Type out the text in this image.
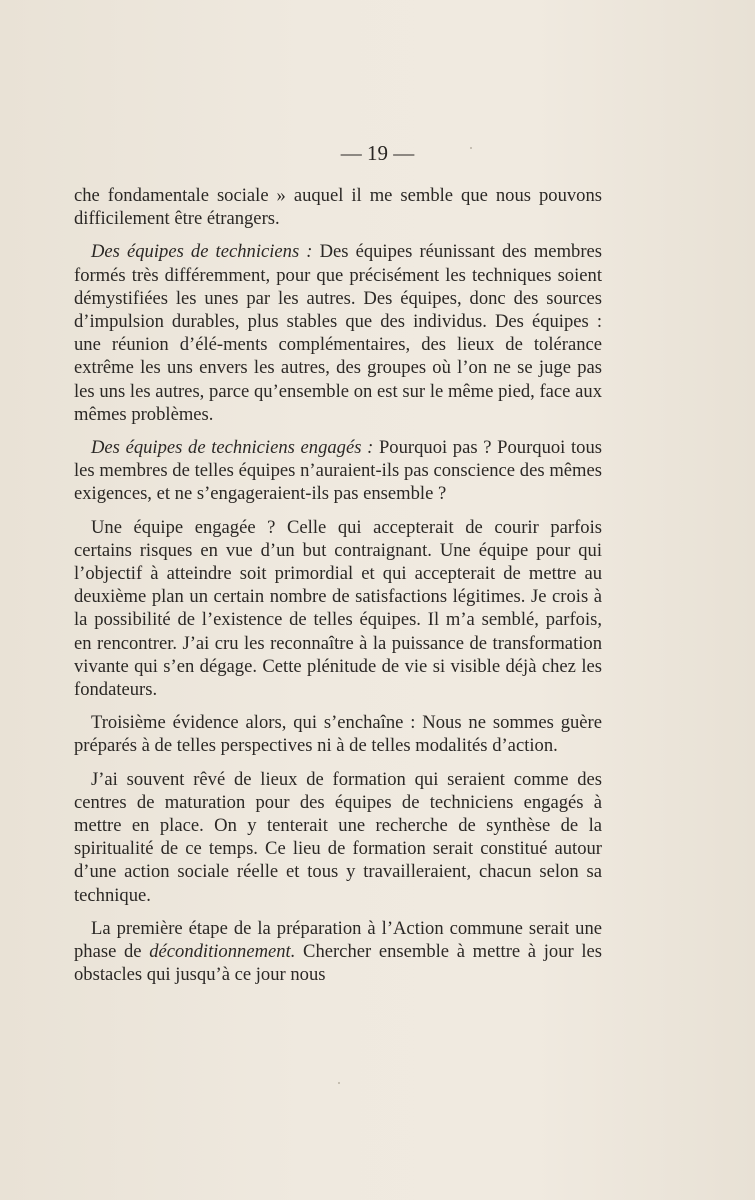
— 19 —

che fondamentale sociale » auquel il me semble que nous pouvons difficilement être étrangers.

Des équipes de techniciens : Des équipes réunissant des membres formés très différemment, pour que précisément les techniques soient démystifiées les unes par les autres. Des équipes, donc des sources d’impulsion durables, plus stables que des individus. Des équipes : une réunion d’élé-ments complémentaires, des lieux de tolérance extrême les uns envers les autres, des groupes où l’on ne se juge pas les uns les autres, parce qu’ensemble on est sur le même pied, face aux mêmes problèmes.

Des équipes de techniciens engagés : Pourquoi pas ? Pourquoi tous les membres de telles équipes n’auraient-ils pas conscience des mêmes exigences, et ne s’engageraient-ils pas ensemble ?

Une équipe engagée ? Celle qui accepterait de courir parfois certains risques en vue d’un but contraignant. Une équipe pour qui l’objectif à atteindre soit primordial et qui accepterait de mettre au deuxième plan un certain nombre de satisfactions légitimes. Je crois à la possibilité de l’existence de telles équipes. Il m’a semblé, parfois, en rencontrer. J’ai cru les reconnaître à la puissance de transformation vivante qui s’en dégage. Cette plénitude de vie si visible déjà chez les fondateurs.

Troisième évidence alors, qui s’enchaîne : Nous ne sommes guère préparés à de telles perspectives ni à de telles modalités d’action.

J’ai souvent rêvé de lieux de formation qui seraient comme des centres de maturation pour des équipes de techniciens engagés à mettre en place. On y tenterait une recherche de synthèse de la spiritualité de ce temps. Ce lieu de formation serait constitué autour d’une action sociale réelle et tous y travailleraient, chacun selon sa technique.

La première étape de la préparation à l’Action commune serait une phase de déconditionnement. Chercher ensemble à mettre à jour les obstacles qui jusqu’à ce jour nous
